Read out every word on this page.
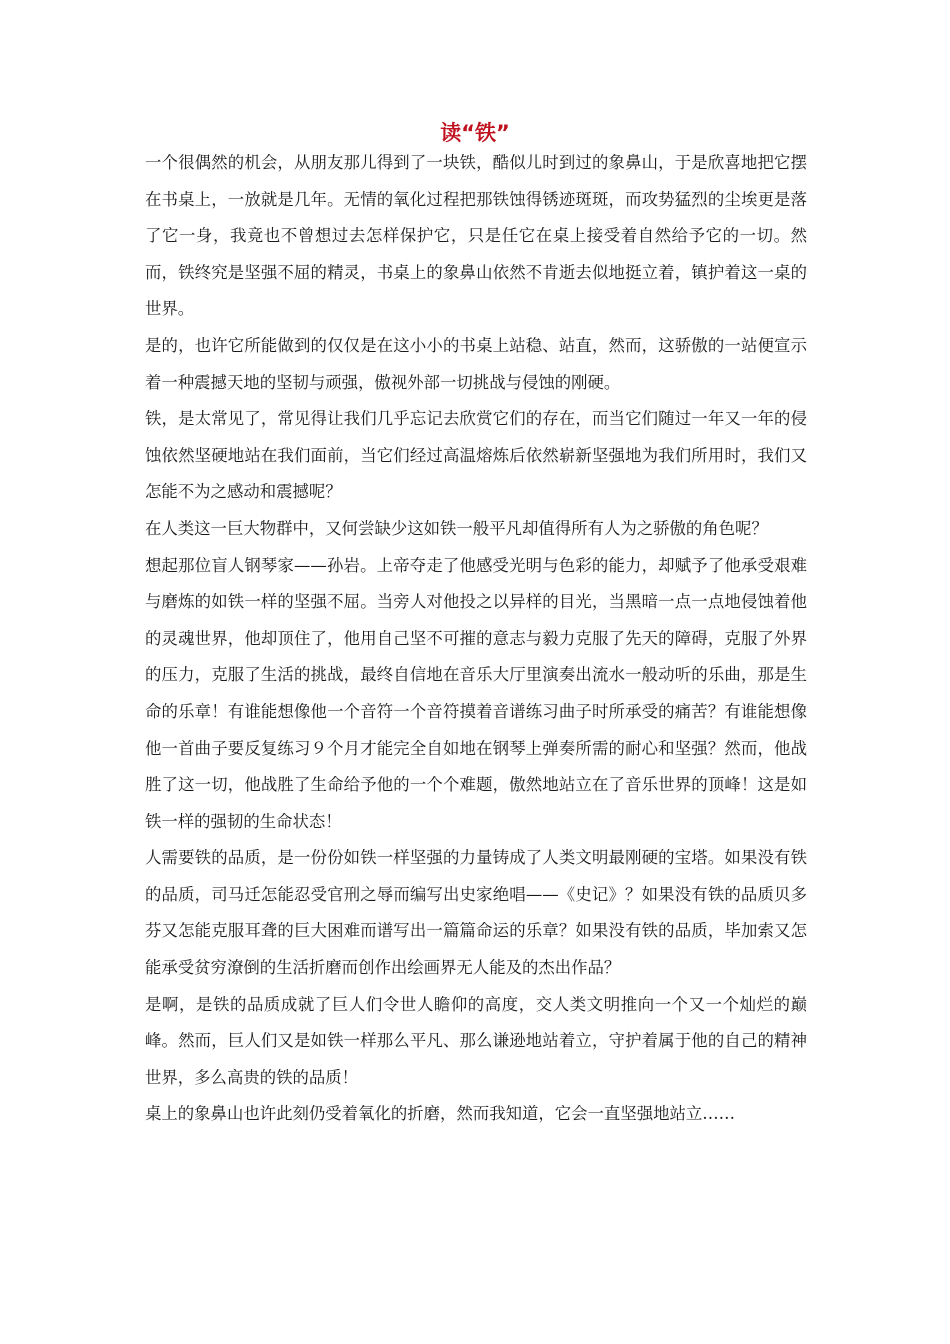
读“铁”

一个很偶然的机会，从朋友那儿得到了一块铁，酷似儿时到过的象鼻山，于是欣喜地把它摆在书桌上，一放就是几年。无情的氧化过程把那铁蚀得锈迹斑斑，而攻势猛烈的尘埃更是落了它一身，我竟也不曾想过去怎样保护它，只是任它在桌上接受着自然给予它的一切。然而，铁终究是坚强不屈的精灵，书桌上的象鼻山依然不肯逝去似地挺立着，镇护着这一桌的世界。

是的，也许它所能做到的仅仅是在这小小的书桌上站稳、站直，然而，这骄傲的一站便宣示着一种震撼天地的坚韧与顽强，傲视外部一切挑战与侵蚀的刚硬。

铁，是太常见了，常见得让我们几乎忘记去欣赏它们的存在，而当它们随过一年又一年的侵蚀依然坚硬地站在我们面前，当它们经过高温熔炼后依然崭新坚强地为我们所用时，我们又怎能不为之感动和震撼呢？

在人类这一巨大物群中，又何尝缺少这如铁一般平凡却值得所有人为之骄傲的角色呢？

想起那位盲人钢琴家——孙岩。上帝夺走了他感受光明与色彩的能力，却赋予了他承受艰难与磨炼的如铁一样的坚强不屈。当旁人对他投之以异样的目光，当黑暗一点一点地侵蚀着他的灵魂世界，他却顶住了，他用自己坚不可摧的意志与毅力克服了先天的障碍，克服了外界的压力，克服了生活的挑战，最终自信地在音乐大厅里演奏出流水一般动听的乐曲，那是生命的乐章！有谁能想像他一个音符一个音符摸着音谱练习曲子时所承受的痛苦？有谁能想像他一首曲子要反复练习９个月才能完全自如地在钢琴上弹奏所需的耐心和坚强？然而，他战胜了这一切，他战胜了生命给予他的一个个难题，傲然地站立在了音乐世界的顶峰！这是如铁一样的强韧的生命状态！

人需要铁的品质，是一份份如铁一样坚强的力量铸成了人类文明最刚硬的宝塔。如果没有铁的品质，司马迁怎能忍受官刑之辱而编写出史家绝唱——《史记》？如果没有铁的品质贝多芬又怎能克服耳聋的巨大困难而谱写出一篇篇命运的乐章？如果没有铁的品质，毕加索又怎能承受贫穷潦倒的生活折磨而创作出绘画界无人能及的杰出作品？

是啊，是铁的品质成就了巨人们令世人瞻仰的高度，交人类文明推向一个又一个灿烂的巅峰。然而，巨人们又是如铁一样那么平凡、那么谦逊地站着立，守护着属于他的自己的精神世界，多么高贵的铁的品质！

桌上的象鼻山也许此刻仍受着氧化的折磨，然而我知道，它会一直坚强地站立……
